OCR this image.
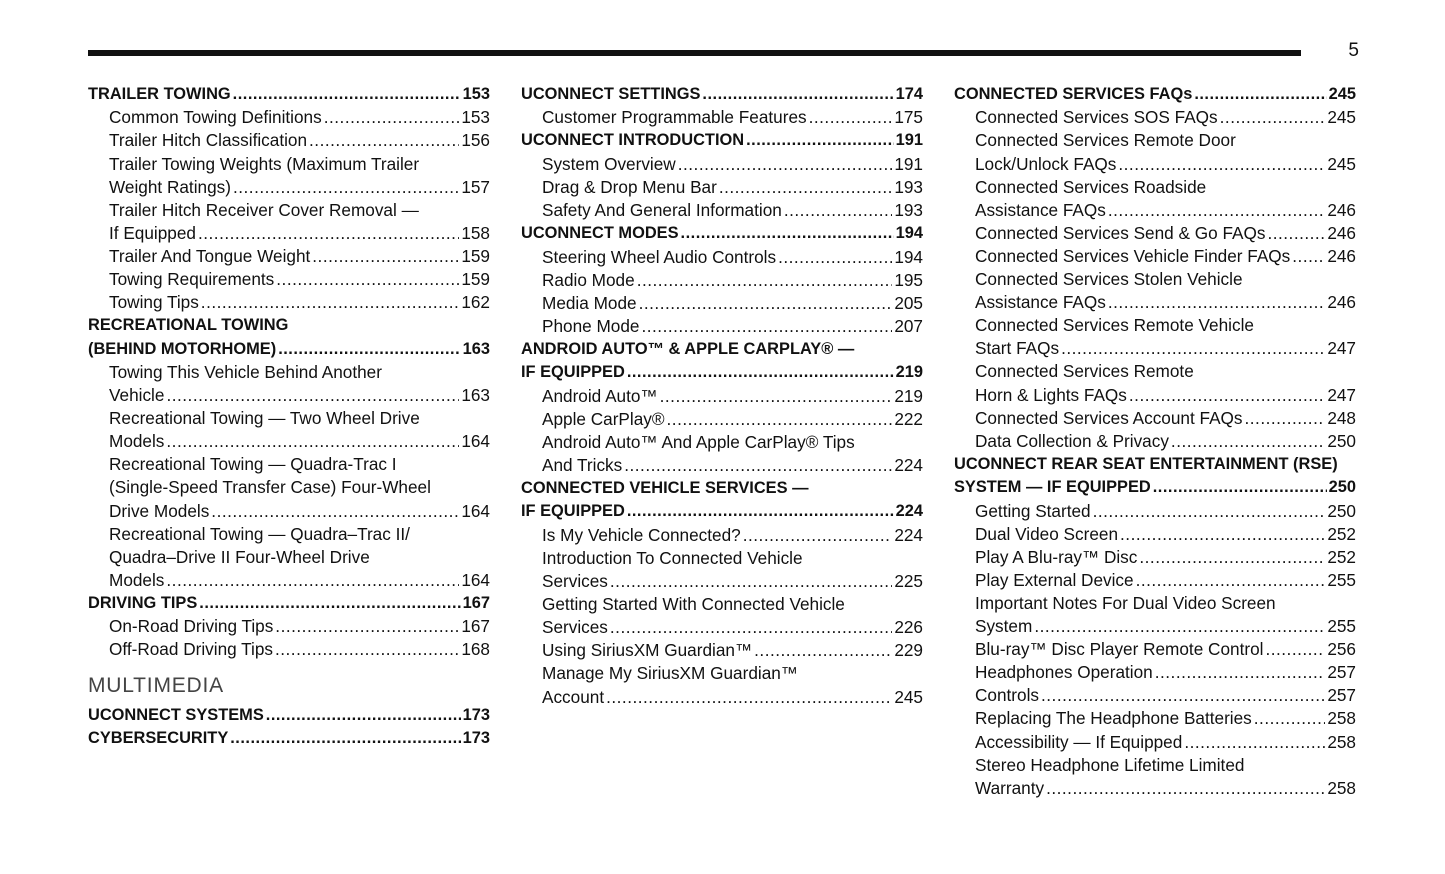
5
TRAILER TOWING .....	153
Common Towing Definitions .....	153
Trailer Hitch Classification .....	156
Trailer Towing Weights (Maximum Trailer
Weight Ratings) .....	157
Trailer Hitch Receiver Cover Removal —
If Equipped .....	158
Trailer And Tongue Weight .....	159
Towing Requirements .....	159
Towing Tips .....	162
RECREATIONAL TOWING
(BEHIND MOTORHOME) .....	163
Towing This Vehicle Behind Another
Vehicle .....	163
Recreational Towing — Two Wheel Drive
Models .....	164
Recreational Towing — Quadra-Trac I
(Single-Speed Transfer Case) Four-Wheel
Drive Models .....	164
Recreational Towing — Quadra–Trac II/
Quadra–Drive II Four-Wheel Drive
Models .....	164
DRIVING TIPS .....	167
On-Road Driving Tips .....	167
Off-Road Driving Tips .....	168
MULTIMEDIA
UCONNECT SYSTEMS .....	173
CYBERSECURITY .....	173
UCONNECT SETTINGS .....	174
Customer Programmable Features .....	175
UCONNECT INTRODUCTION .....	191
System Overview .....	191
Drag & Drop Menu Bar .....	193
Safety And General Information .....	193
UCONNECT MODES .....	194
Steering Wheel Audio Controls .....	194
Radio Mode .....	195
Media Mode .....	205
Phone Mode .....	207
ANDROID AUTO™ & APPLE CARPLAY® —
IF EQUIPPED .....	219
Android Auto™ .....	219
Apple CarPlay® .....	222
Android Auto™ And Apple CarPlay® Tips
And Tricks .....	224
CONNECTED VEHICLE SERVICES —
IF EQUIPPED .....	224
Is My Vehicle Connected? .....	224
Introduction To Connected Vehicle
Services .....	225
Getting Started With Connected Vehicle
Services .....	226
Using SiriusXM Guardian™ .....	229
Manage My SiriusXM Guardian™
Account .....	245
CONNECTED SERVICES FAQs .....	245
Connected Services SOS FAQs .....	245
Connected Services Remote Door
Lock/Unlock FAQs .....	245
Connected Services Roadside
Assistance FAQs .....	246
Connected Services Send & Go FAQs .....	246
Connected Services Vehicle Finder FAQs ..... 246
Connected Services Stolen Vehicle
Assistance FAQs .....	246
Connected Services Remote Vehicle
Start FAQs .....	247
Connected Services Remote
Horn & Lights FAQs .....	247
Connected Services Account FAQs .....	248
Data Collection & Privacy .....	250
UCONNECT REAR SEAT ENTERTAINMENT (RSE)
SYSTEM — IF EQUIPPED .....	250
Getting Started .....	250
Dual Video Screen .....	252
Play A Blu-ray™ Disc .....	252
Play External Device .....	255
Important Notes For Dual Video Screen
System .....	255
Blu-ray™ Disc Player Remote Control .....	256
Headphones Operation .....	257
Controls .....	257
Replacing The Headphone Batteries .....	258
Accessibility — If Equipped .....	258
Stereo Headphone Lifetime Limited
Warranty .....	258
